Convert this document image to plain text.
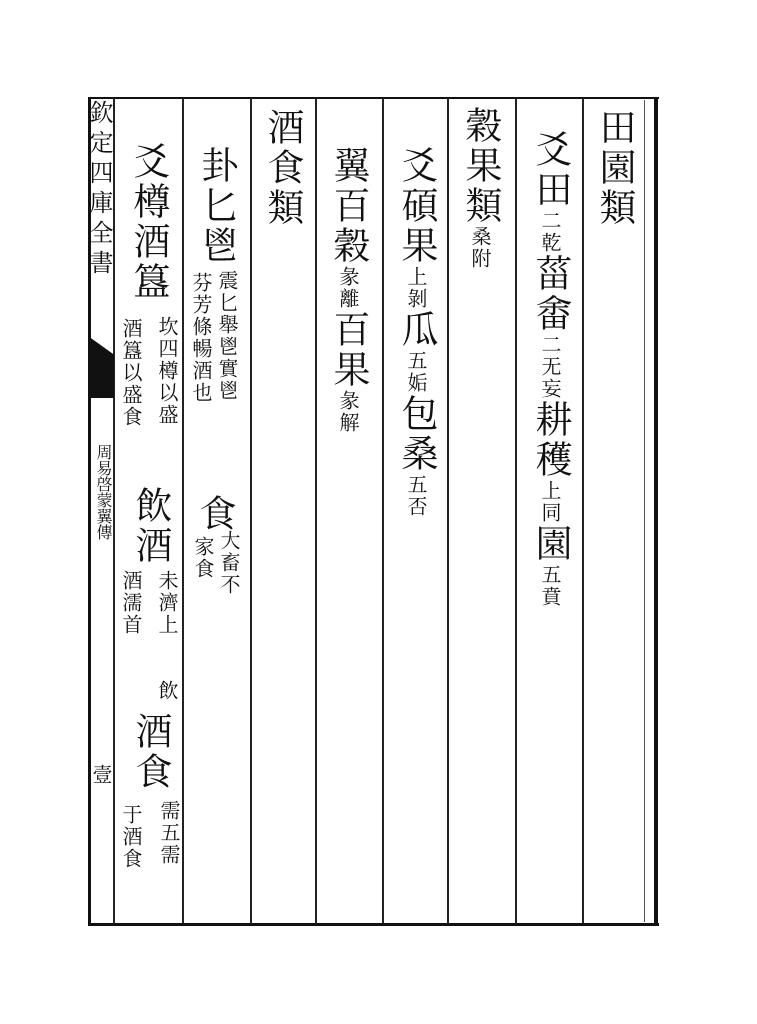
欽定四庫全書
周易啓蒙翼傳
壹
田園類
爻田二乾菑畬二无妄耕穫上同園五賁
穀果類桑附
爻碩果上剝瓜五姤包桑五否
翼百穀彖離百果彖解
酒食類
卦匕鬯
震匕舉鬯實鬯
芬芳條暢酒也
食
大畜不
家食
爻樽酒簋
坎四樽以盛
酒簋以盛食
飲酒
未濟上
酒濡首
飲
酒食
需五需
于酒食
